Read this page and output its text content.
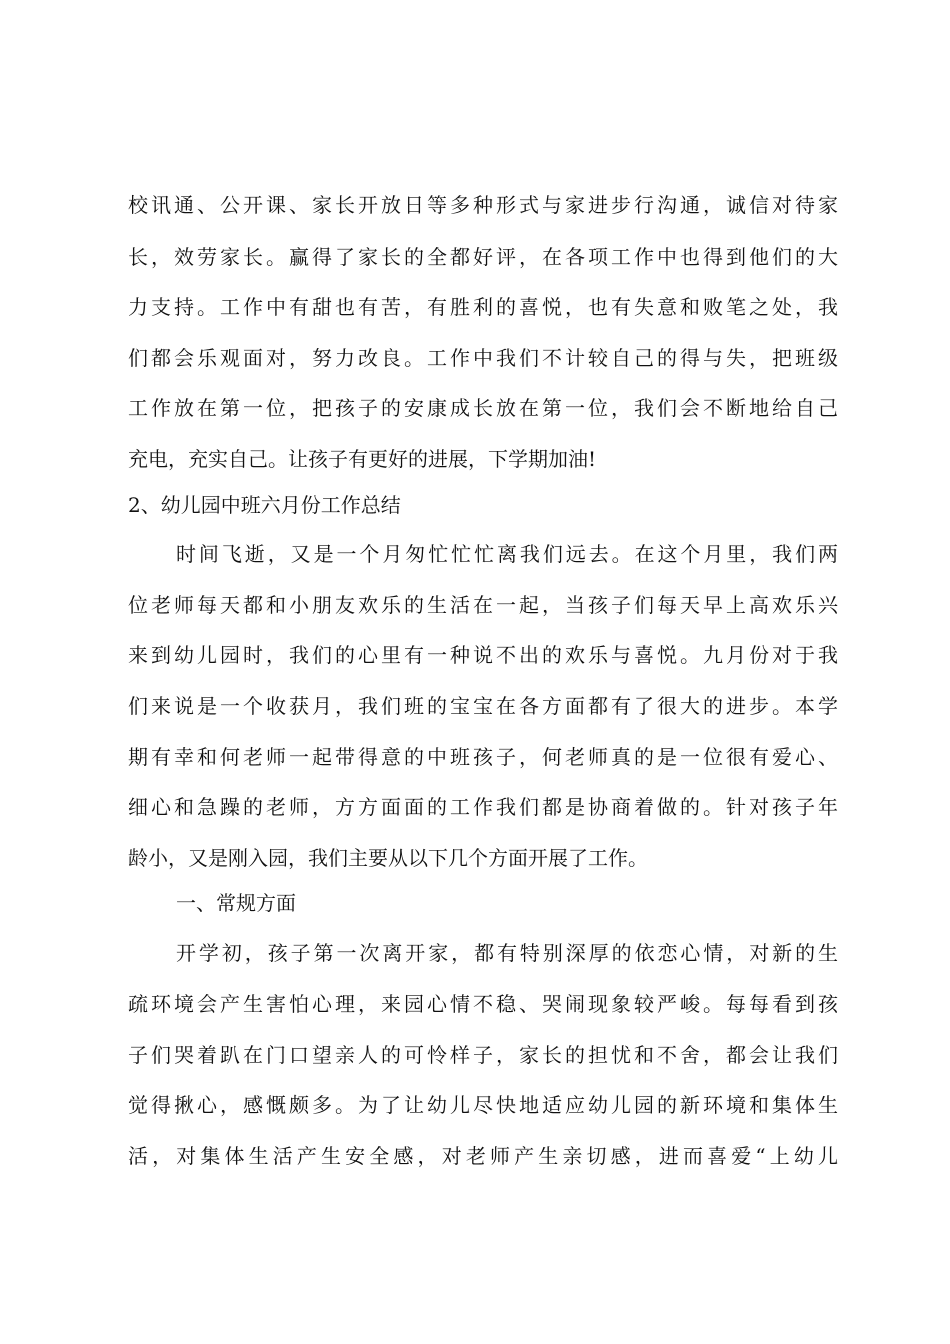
校讯通、公开课、家长开放日等多种形式与家进步行沟通，诚信对待家
长，效劳家长。赢得了家长的全都好评，在各项工作中也得到他们的大
力支持。工作中有甜也有苦，有胜利的喜悦，也有失意和败笔之处，我
们都会乐观面对，努力改良。工作中我们不计较自己的得与失，把班级
工作放在第一位，把孩子的安康成长放在第一位，我们会不断地给自己
充电，充实自己。让孩子有更好的进展，下学期加油!
2、幼儿园中班六月份工作总结
时间飞逝，又是一个月匆忙忙忙离我们远去。在这个月里，我们两
位老师每天都和小朋友欢乐的生活在一起，当孩子们每天早上高欢乐兴
来到幼儿园时，我们的心里有一种说不出的欢乐与喜悦。九月份对于我
们来说是一个收获月，我们班的宝宝在各方面都有了很大的进步。本学
期有幸和何老师一起带得意的中班孩子，何老师真的是一位很有爱心、
细心和急躁的老师，方方面面的工作我们都是协商着做的。针对孩子年
龄小，又是刚入园，我们主要从以下几个方面开展了工作。
一、常规方面
开学初，孩子第一次离开家，都有特别深厚的依恋心情，对新的生
疏环境会产生害怕心理，来园心情不稳、哭闹现象较严峻。每每看到孩
子们哭着趴在门口望亲人的可怜样子，家长的担忧和不舍，都会让我们
觉得揪心，感慨颇多。为了让幼儿尽快地适应幼儿园的新环境和集体生
活，对集体生活产生安全感，对老师产生亲切感，进而喜爱“上幼儿
